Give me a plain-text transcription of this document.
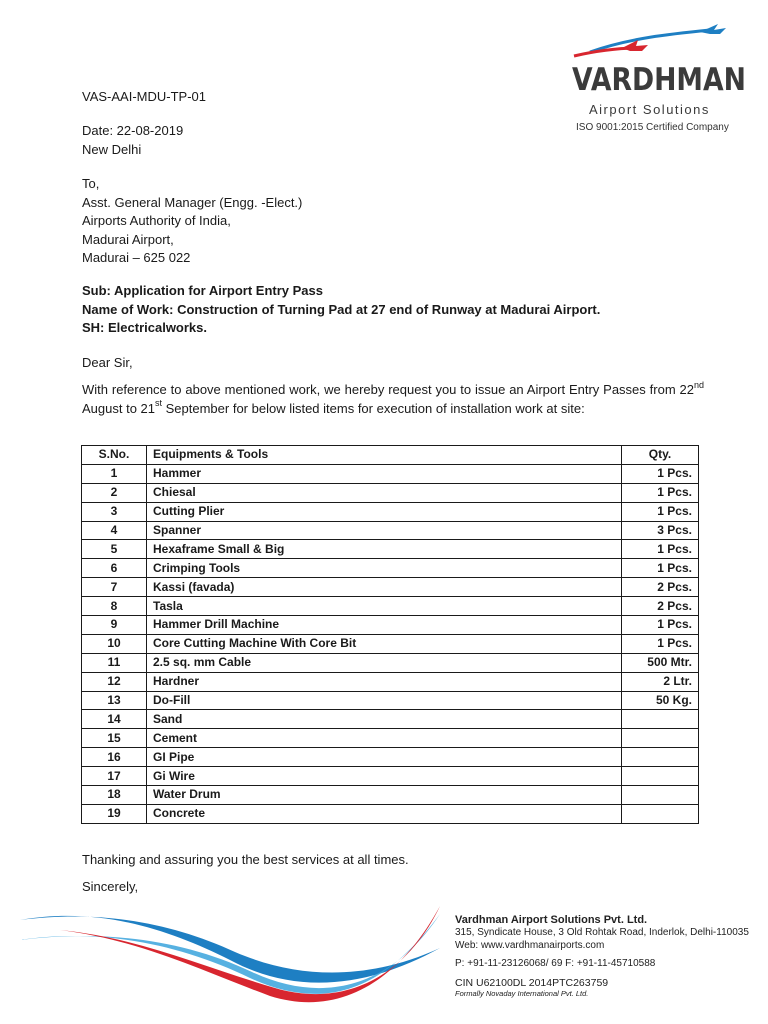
VARDHMAN
Airport Solutions
ISO 9001:2015 Certified Company
VAS-AAI-MDU-TP-01
Date: 22-08-2019
New Delhi
To,
Asst. General Manager (Engg. -Elect.)
Airports Authority of India,
Madurai Airport,
Madurai – 625 022
Sub: Application for Airport Entry Pass
Name of Work: Construction of Turning Pad at 27 end of Runway at Madurai Airport.
SH: Electricalworks.
Dear Sir,
With reference to above mentioned work, we hereby request you to issue an Airport Entry Passes from 22nd August to 21st September for below listed items for execution of installation work at site:
S.No.	Equipments & Tools	Qty.
1	Hammer	1 Pcs.
2	Chiesal	1 Pcs.
3	Cutting Plier	1 Pcs.
4	Spanner	3 Pcs.
5	Hexaframe Small & Big	1 Pcs.
6	Crimping Tools	1 Pcs.
7	Kassi (favada)	2 Pcs.
8	Tasla	2 Pcs.
9	Hammer Drill Machine	1 Pcs.
10	Core Cutting Machine With Core Bit	1 Pcs.
11	2.5 sq. mm Cable	500 Mtr.
12	Hardner	2 Ltr.
13	Do-Fill	50 Kg.
14	Sand	
15	Cement	
16	GI Pipe	
17	Gi Wire	
18	Water Drum	
19	Concrete	
Thanking and assuring you the best services at all times.
Sincerely,
Vardhman Airport Solutions Pvt. Ltd.
315, Syndicate House, 3 Old Rohtak Road, Inderlok, Delhi-110035
Web: www.vardhmanairports.com
P: +91-11-23126068/ 69 F: +91-11-45710588
CIN U62100DL 2014PTC263759
Formally Novaday International Pvt. Ltd.
